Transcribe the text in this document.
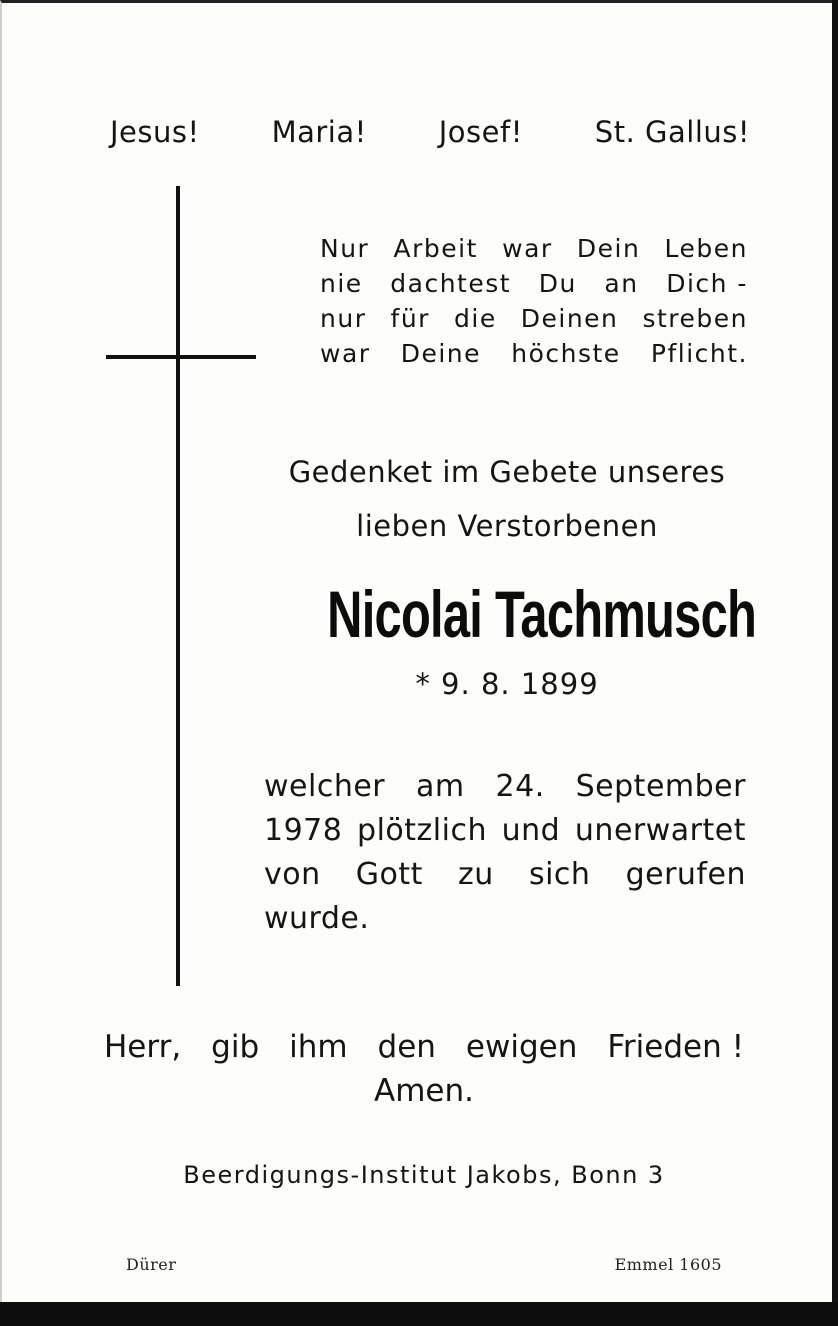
Jesus! Maria! Josef! St. Gallus!
Nur Arbeit war Dein Leben
nie dachtest Du an Dich -
nur für die Deinen streben
war Deine höchste Pflicht.
Gedenket im Gebete unseres
lieben Verstorbenen
Nicolai Tachmusch
* 9. 8. 1899
welcher am 24. September
1978 plötzlich und unerwartet
von Gott zu sich gerufen
wurde.
Herr, gib ihm den ewigen Frieden !
Amen.
Beerdigungs-Institut Jakobs, Bonn 3
Dürer	Emmel 1605
